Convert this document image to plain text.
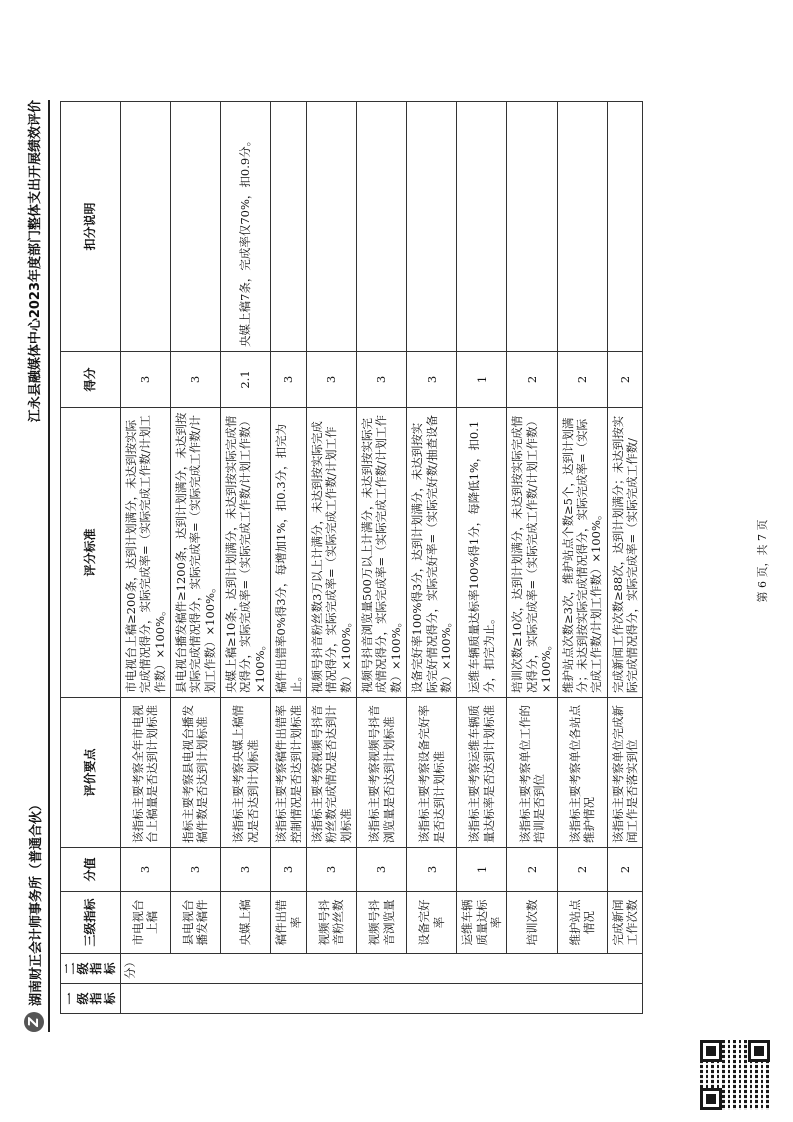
Z
湖南财正会计师事务所（普通合伙）
江永县融媒体中心2023年度部门整体支出开展绩效评价
一级指标	二级指标	三级指标	分值	评价要点	评分标准	得分	扣分说明
	分）	市电视台上稿	3	该指标主要考察全年市电视台上稿量是否达到计划标准	市电视台上稿≥200条，达到计划满分，未达到按实际完成情况得分，实际完成率=（实际完成工作数/计划工作数）×100%。	3	
		县电视台播发稿件	3	指标主要考察县电视台播发稿件数是否达到计划标准	县电视台播发稿件≥1200条，达到计划满分，未达到按实际完成情况得分，实际完成率=（实际完成工作数/计划工作数）×100%。	3	
		央媒上稿	3	该指标主要考察央媒上稿情况是否达到计划标准	央媒上稿≥10条，达到计划满分，未达到按实际完成情况得分，实际完成率=（实际完成工作数/计划工作数）×100%。	2.1	央媒上稿7条，完成率仅70%，扣0.9分。
		稿件出错率	3	该指标主要考察稿件出错率控制情况是否达到计划标准	稿件出错率0%得3分，每增加1%，扣0.3分，扣完为止。	3	
		视频号抖音粉丝数	3	该指标主要考察视频号抖音粉丝数完成情况是否达到计划标准	视频号抖音粉丝数3万以上计满分，未达到按实际完成情况得分，实际完成率=（实际完成工作数/计划工作数）×100%。	3	
		视频号抖音浏览量	3	该指标主要考察视频号抖音浏览量是否达到计划标准	视频号抖音浏览量500万以上计满分，未达到按实际完成情况得分，实际完成率=（实际完成工作数/计划工作数）×100%。	3	
		设备完好率	3	该指标主要考察设备完好率是否达到计划标准	设备完好率100%得3分，达到计划满分，未达到按实际完好情况得分，实际完好率=（实际完好数/抽查设备数）×100%。	3	
		运维车辆质量达标率	1	该指标主要考察运维车辆质量达标率是否达到计划标准	运维车辆质量达标率100%得1分，每降低1%，扣0.1分，扣完为止。	1	
		培训次数	2	该指标主要考察单位工作的培训是否到位	培训次数≥10次，达到计划满分，未达到按实际完成情况得分，实际完成率=（实际完成工作数/计划工作数）×100%。	2	
		维护站点情况	2	该指标主要考察单位各站点维护情况	维护站点次数≥3次，维护站点个数≥5个，达到计划满分；未达到按实际完成情况得分，实际完成率=（实际完成工作数/计划工作数）×100%。	2	
		完成新闻工作次数	2	该指标主要考察单位完成新闻工作是否落实到位	完成新闻工作次数≥88次，达到计划满分；未达到按实际完成情况得分，实际完成率=（实际完成工作数/	2	
第 6 页，共 7 页
